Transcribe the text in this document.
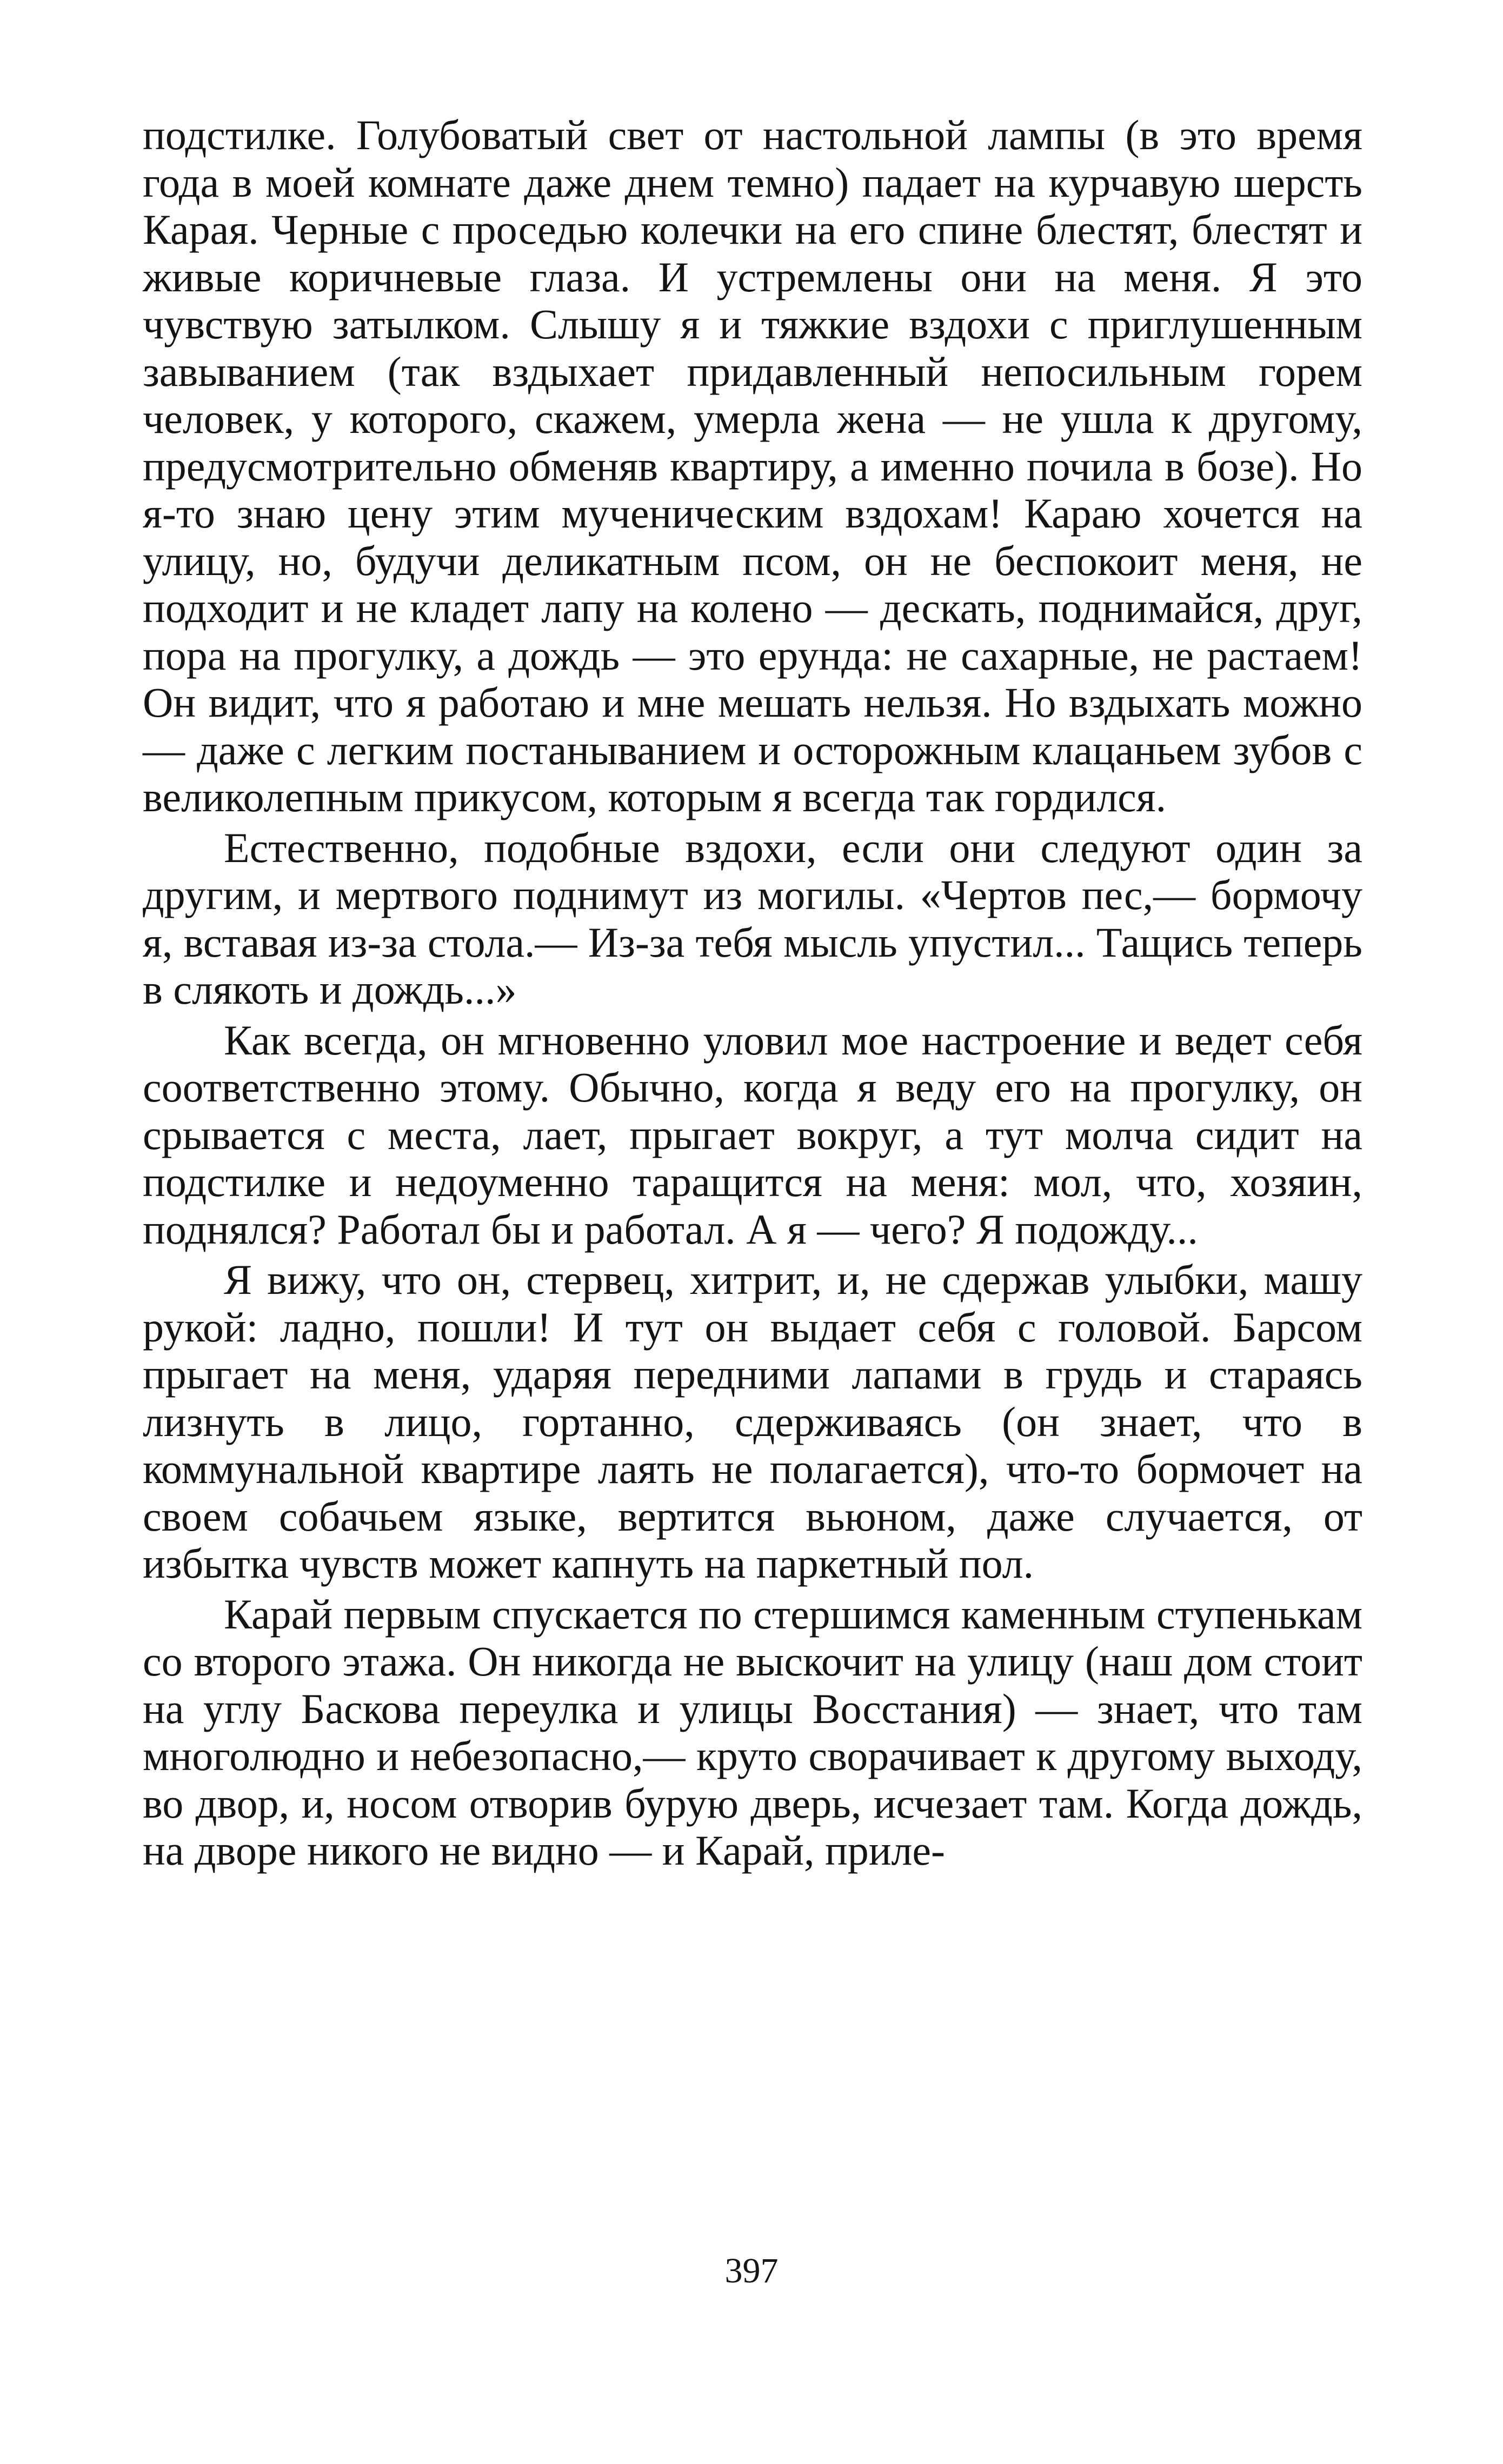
подстилке. Голубоватый свет от настольной лампы (в это время года в моей комнате даже днем темно) падает на курчавую шерсть Карая. Черные с проседью колечки на его спине блестят, блестят и живые коричневые глаза. И устремлены они на меня. Я это чувствую затылком. Слышу я и тяжкие вздохи с приглушенным завыванием (так вздыхает придавленный непосильным горем человек, у которого, скажем, умерла жена — не ушла к другому, предусмотрительно обменяв квартиру, а именно почила в бозе). Но я-то знаю цену этим мученическим вздохам! Караю хочется на улицу, но, будучи деликатным псом, он не беспокоит меня, не подходит и не кладет лапу на колено — дескать, поднимайся, друг, пора на прогулку, а дождь — это ерунда: не сахарные, не растаем! Он видит, что я работаю и мне мешать нельзя. Но вздыхать можно — даже с легким постаныванием и осторожным клацаньем зубов с великолепным прикусом, которым я всегда так гордился.

Естественно, подобные вздохи, если они следуют один за другим, и мертвого поднимут из могилы. «Чертов пес,— бормочу я, вставая из-за стола.— Из-за тебя мысль упустил... Тащись теперь в слякоть и дождь...»

Как всегда, он мгновенно уловил мое настроение и ведет себя соответственно этому. Обычно, когда я веду его на прогулку, он срывается с места, лает, прыгает вокруг, а тут молча сидит на подстилке и недоуменно таращится на меня: мол, что, хозяин, поднялся? Работал бы и работал. А я — чего? Я подожду...

Я вижу, что он, стервец, хитрит, и, не сдержав улыбки, машу рукой: ладно, пошли! И тут он выдает себя с головой. Барсом прыгает на меня, ударяя передними лапами в грудь и стараясь лизнуть в лицо, гортанно, сдерживаясь (он знает, что в коммунальной квартире лаять не полагается), что-то бормочет на своем собачьем языке, вертится вьюном, даже случается, от избытка чувств может капнуть на паркетный пол.

Карай первым спускается по стершимся каменным ступенькам со второго этажа. Он никогда не выскочит на улицу (наш дом стоит на углу Баскова переулка и улицы Восстания) — знает, что там многолюдно и небезопасно,— круто сворачивает к другому выходу, во двор, и, носом отворив бурую дверь, исчезает там. Когда дождь, на дворе никого не видно — и Карай, приле-

397
